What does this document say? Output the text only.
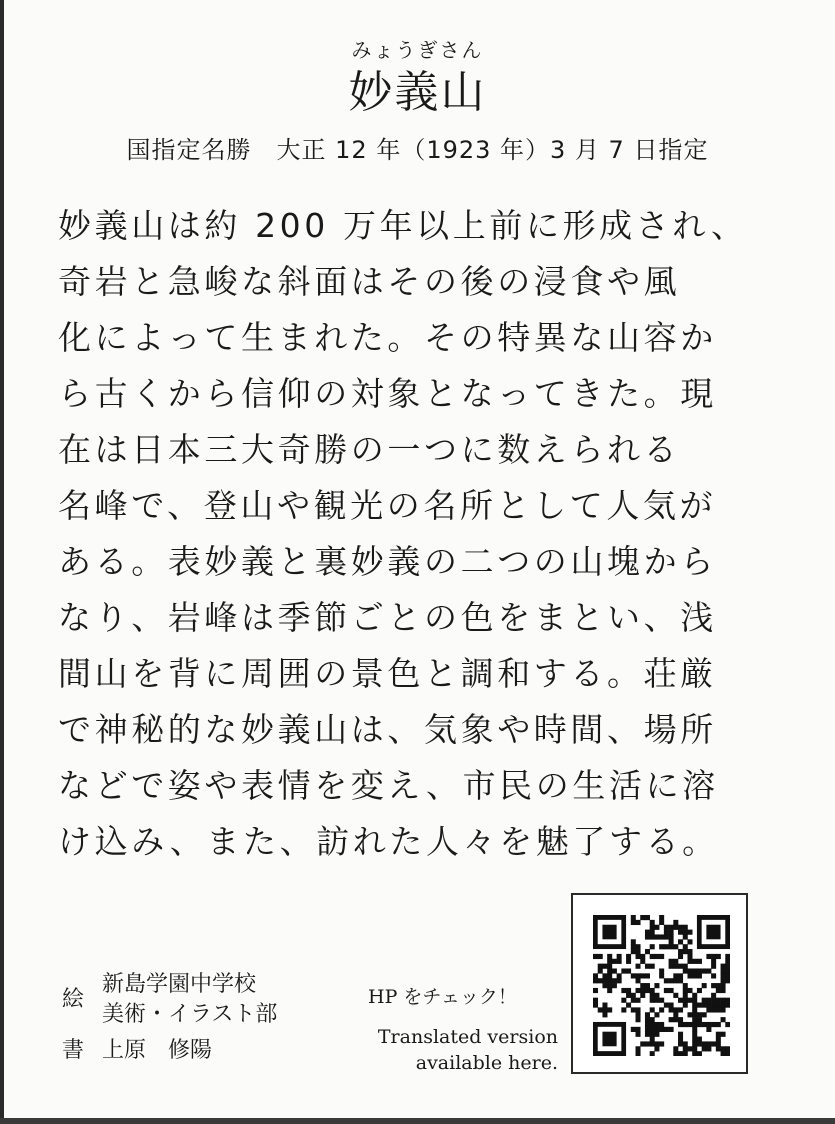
みょうぎさん
妙義山
国指定名勝　大正 12 年（1923 年）3 月 7 日指定
妙義山は約 200 万年以上前に形成され、
奇岩と急峻な斜面はその後の浸食や風
化によって生まれた。その特異な山容か
ら古くから信仰の対象となってきた。現
在は日本三大奇勝の一つに数えられる
名峰で、登山や観光の名所として人気が
ある。表妙義と裏妙義の二つの山塊から
なり、岩峰は季節ごとの色をまとい、浅
間山を背に周囲の景色と調和する。荘厳
で神秘的な妙義山は、気象や時間、場所
などで姿や表情を変え、市民の生活に溶
け込み、また、訪れた人々を魅了する。
絵
新島学園中学校
美術・イラスト部
書 上原　修陽
HP をチェック！
Translated version
available here.
